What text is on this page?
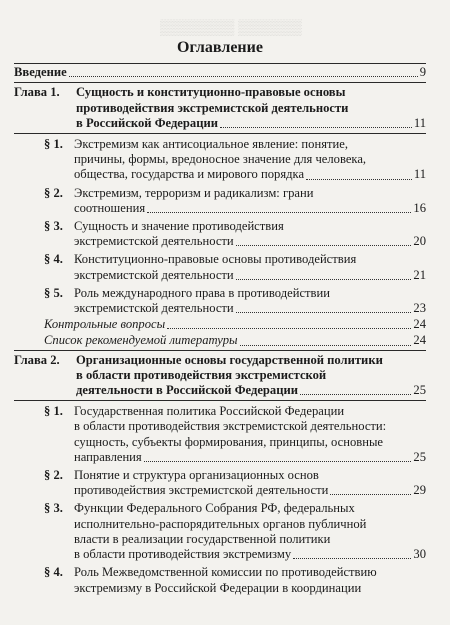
▒▒▒▒▒▒▒ ▒▒▒▒▒▒
Оглавление
Введение	9
Глава 1.	Сущность и конституционно-правовые основы
противодействия экстремистской деятельности
в Российской Федерации	11
§ 1. Экстремизм как антисоциальное явление: понятие,
причины, формы, вредоносное значение для человека,
общества, государства и мирового порядка	11
§ 2. Экстремизм, терроризм и радикализм: грани
соотношения	16
§ 3. Сущность и значение противодействия
экстремистской деятельности	20
§ 4. Конституционно-правовые основы противодействия
экстремистской деятельности	21
§ 5. Роль международного права в противодействии
экстремистской деятельности	23
Контрольные вопросы	24
Список рекомендуемой литературы	24
Глава 2.	Организационные основы государственной политики
в области противодействия экстремистской
деятельности в Российской Федерации	25
§ 1. Государственная политика Российской Федерации
в области противодействия экстремистской деятельности:
сущность, субъекты формирования, принципы, основные
направления	25
§ 2. Понятие и структура организационных основ
противодействия экстремистской деятельности	29
§ 3. Функции Федерального Собрания РФ, федеральных
исполнительно-распорядительных органов публичной
власти в реализации государственной политики
в области противодействия экстремизму	30
§ 4. Роль Межведомственной комиссии по противодействию
экстремизму в Российской Федерации в координации
